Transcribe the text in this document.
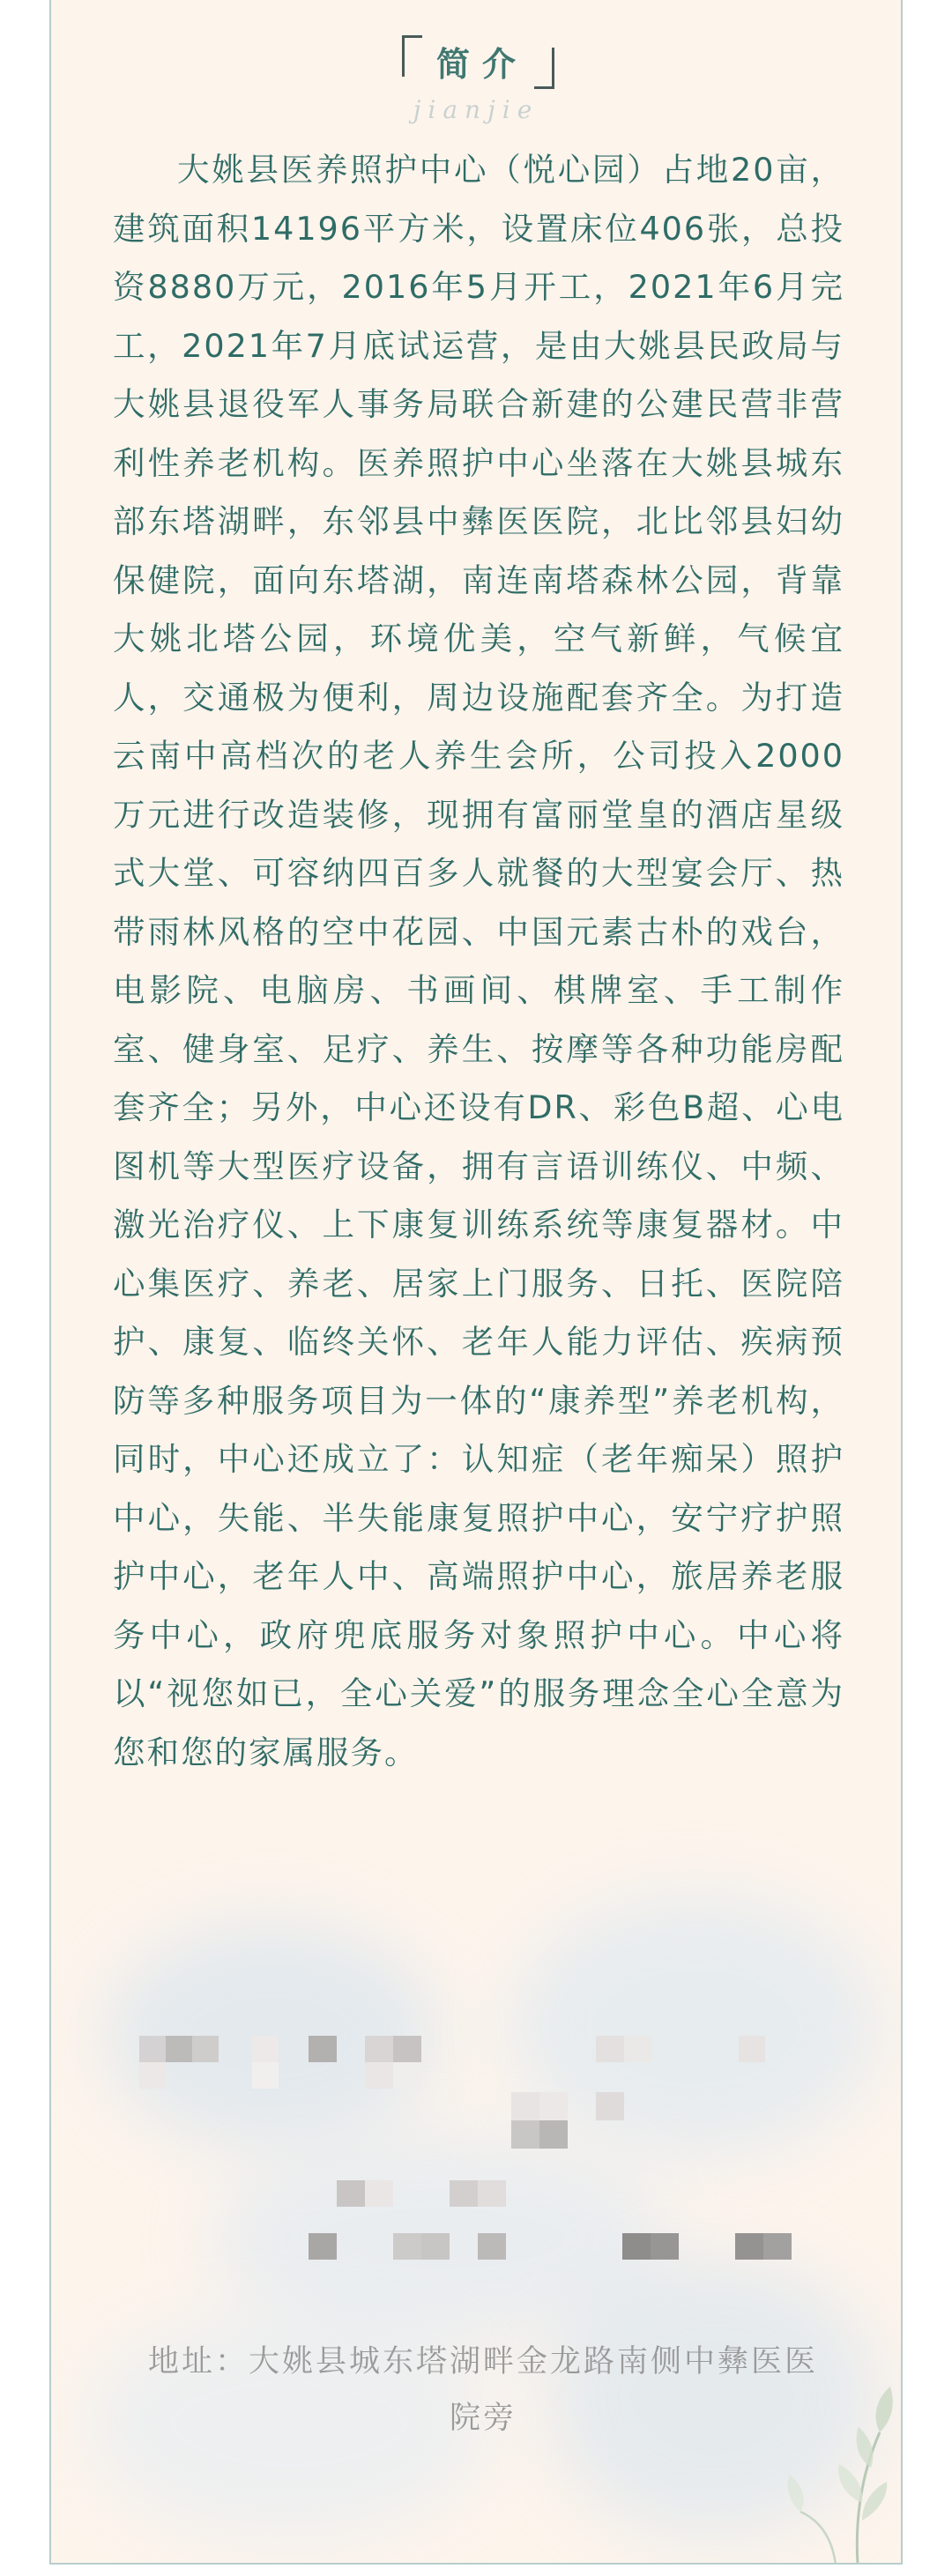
简介
jianjie

大姚县医养照护中心（悦心园）占地20亩，建筑面积14196平方米，设置床位406张，总投资8880万元，2016年5月开工，2021年6月完工，2021年7月底试运营，是由大姚县民政局与大姚县退役军人事务局联合新建的公建民营非营利性养老机构。医养照护中心坐落在大姚县城东部东塔湖畔，东邻县中彝医医院，北比邻县妇幼保健院，面向东塔湖，南连南塔森林公园，背靠大姚北塔公园，环境优美，空气新鲜，气候宜人，交通极为便利，周边设施配套齐全。为打造云南中高档次的老人养生会所，公司投入2000万元进行改造装修，现拥有富丽堂皇的酒店星级式大堂、可容纳四百多人就餐的大型宴会厅、热带雨林风格的空中花园、中国元素古朴的戏台，电影院、电脑房、书画间、棋牌室、手工制作室、健身室、足疗、养生、按摩等各种功能房配套齐全；另外，中心还设有DR、彩色B超、心电图机等大型医疗设备，拥有言语训练仪、中频、激光治疗仪、上下康复训练系统等康复器材。中心集医疗、养老、居家上门服务、日托、医院陪护、康复、临终关怀、老年人能力评估、疾病预防等多种服务项目为一体的“康养型”养老机构，同时，中心还成立了：认知症（老年痴呆）照护中心，失能、半失能康复照护中心，安宁疗护照护中心，老年人中、高端照护中心，旅居养老服务中心，政府兜底服务对象照护中心。中心将以“视您如已，全心关爱”的服务理念全心全意为您和您的家属服务。

地址：大姚县城东塔湖畔金龙路南侧中彝医医院旁
